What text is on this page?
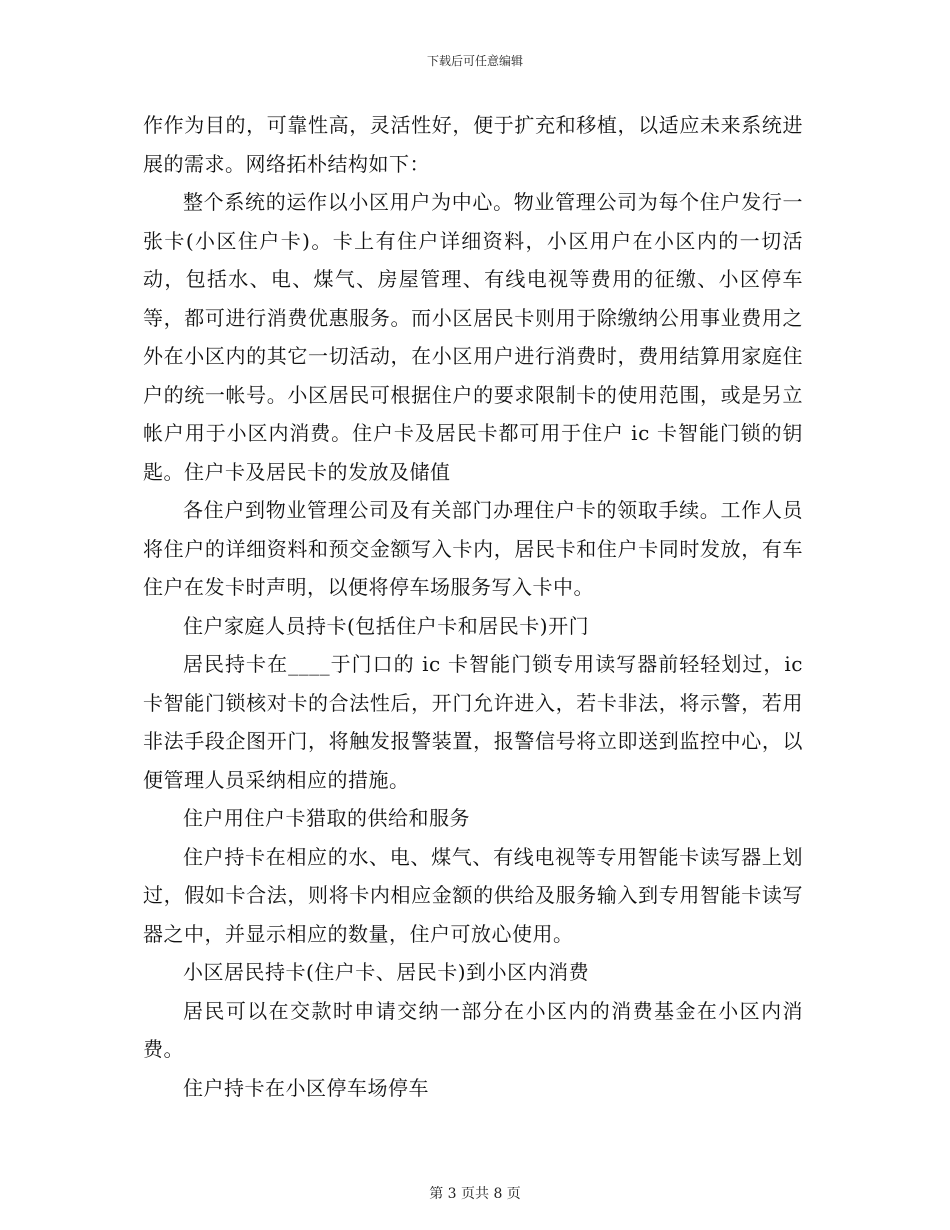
下载后可任意编辑

作作为目的，可靠性高，灵活性好，便于扩充和移植，以适应未来系统进展的需求。网络拓朴结构如下：

整个系统的运作以小区用户为中心。物业管理公司为每个住户发行一张卡(小区住户卡)。卡上有住户详细资料，小区用户在小区内的一切活动，包括水、电、煤气、房屋管理、有线电视等费用的征缴、小区停车等，都可进行消费优惠服务。而小区居民卡则用于除缴纳公用事业费用之外在小区内的其它一切活动，在小区用户进行消费时，费用结算用家庭住户的统一帐号。小区居民可根据住户的要求限制卡的使用范围，或是另立帐户用于小区内消费。住户卡及居民卡都可用于住户 ic 卡智能门锁的钥匙。住户卡及居民卡的发放及储值

各住户到物业管理公司及有关部门办理住户卡的领取手续。工作人员将住户的详细资料和预交金额写入卡内，居民卡和住户卡同时发放，有车住户在发卡时声明，以便将停车场服务写入卡中。

住户家庭人员持卡(包括住户卡和居民卡)开门

居民持卡在____于门口的 ic 卡智能门锁专用读写器前轻轻划过，ic 卡智能门锁核对卡的合法性后，开门允许进入，若卡非法，将示警，若用非法手段企图开门，将触发报警装置，报警信号将立即送到监控中心，以便管理人员采纳相应的措施。

住户用住户卡猎取的供给和服务

住户持卡在相应的水、电、煤气、有线电视等专用智能卡读写器上划过，假如卡合法，则将卡内相应金额的供给及服务输入到专用智能卡读写器之中，并显示相应的数量，住户可放心使用。

小区居民持卡(住户卡、居民卡)到小区内消费

居民可以在交款时申请交纳一部分在小区内的消费基金在小区内消费。

住户持卡在小区停车场停车

第 3 页共 8 页
